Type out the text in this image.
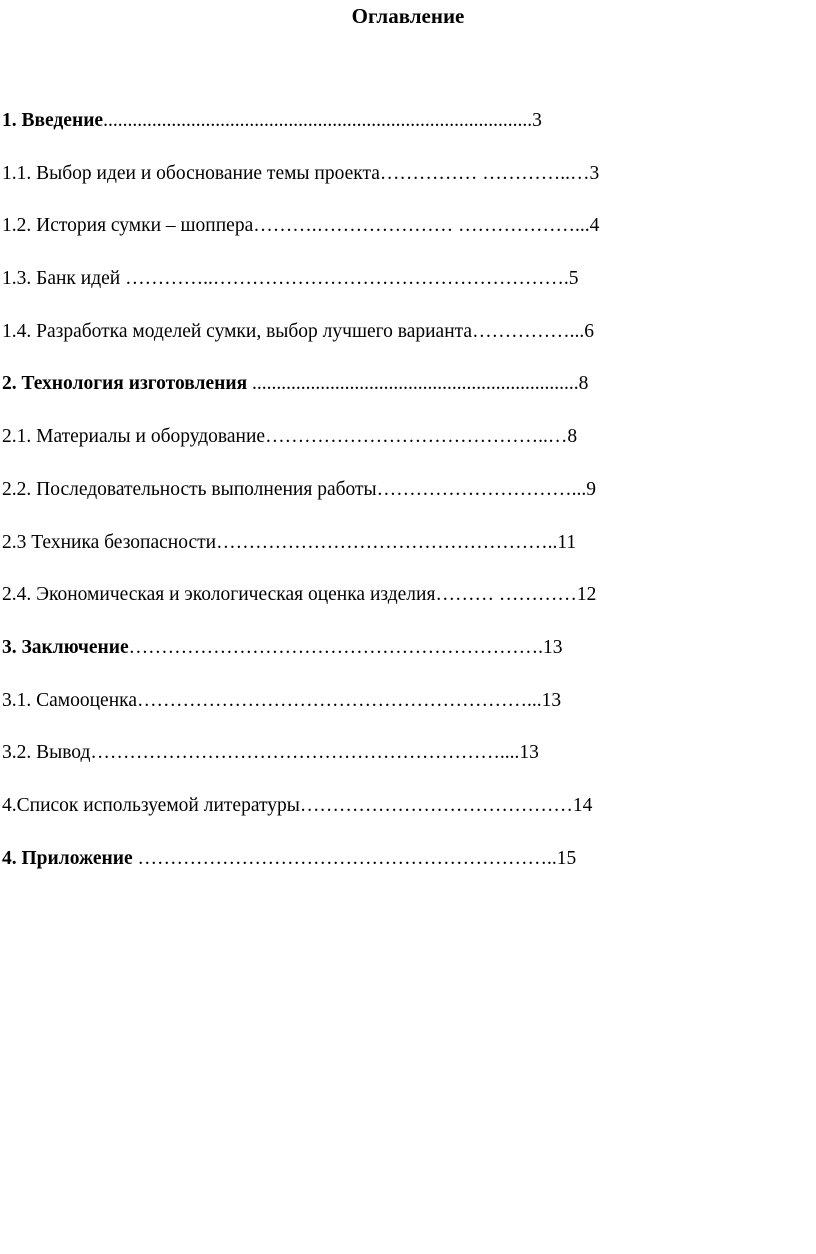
Оглавление
1. Введение........................................................................................3
1.1. Выбор идеи и обоснование темы проекта…………… …………..…3
1.2. История сумки – шоппера……….………………… ………………...4
1.3. Банк идей …………..……………………………………………….5
1.4. Разработка моделей сумки, выбор лучшего варианта……………...6
2. Технология изготовления ...................................................................8
2.1. Материалы и оборудование……………………………………..…8
2.2. Последовательность выполнения работы…………………………...9
2.3 Техника безопасности……………………………………………..11
2.4. Экономическая и экологическая оценка изделия……… …………12
3. Заключение……………………………………………………….13
3.1. Самооценка……………………………………………………...13
3.2. Вывод………………………………………………………....13
4.Список используемой литературы……………………………………14
4. Приложение ………………………………………………………..15
